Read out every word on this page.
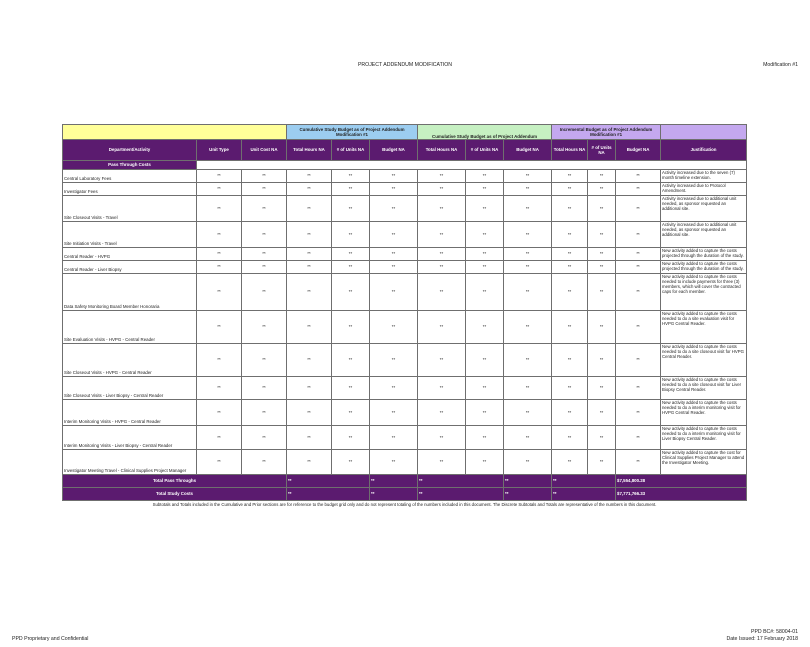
PROJECT ADDENDUM MODIFICATION	Modification #1
			Cumulative Study Budget as of Project Addendum Modification #1			Cumulative Study Budget as of Project Addendum			Incremental Budget as of Project Addendum Modification #1			
Department/Activity	Unit Type	Unit Cost NA	Total Hours NA	# of Units NA	Budget NA	Total Hours NA	# of Units NA	Budget NA	Total Hours NA	# of Units NA	Budget NA	Justification
Pass Through Costs												
Central Laboratory Fees	**	**	**	**	**	**	**	**	**	**	**	Activity increased due to the seven (7) month timeline extension.
Investigator Fees	**	**	**	**	**	**	**	**	**	**	**	Activity increased due to Protocol Amendment.
Site Closeout Visits - Travel	**	**	**	**	**	**	**	**	**	**	**	Activity increased due to additional unit needed, as sponsor requested an additional site.
Site Initiation Visits - Travel	**	**	**	**	**	**	**	**	**	**	**	Activity increased due to additional unit needed, as sponsor requested an additional site.
Central Reader - HVPG	**	**	**	**	**	**	**	**	**	**	**	New activity added to capture the costs projected through the duration of the study.
Central Reader - Liver Biopsy	**	**	**	**	**	**	**	**	**	**	**	New activity added to capture the costs projected through the duration of the study.
Data Safety Monitoring Board Member Honoraria	**	**	**	**	**	**	**	**	**	**	**	New activity added to capture the costs needed to include payments for three (3) members, which will cover the contracted caps for each member.
Site Evaluation Visits - HVPG - Central Reader	**	**	**	**	**	**	**	**	**	**	**	New activity added to capture the costs needed to do a site evaluation visit for HVPG Central Reader.
Site Closeout Visits - HVPG - Central Reader	**	**	**	**	**	**	**	**	**	**	**	New activity added to capture the costs needed to do a site closeout visit for HVPG Central Reader.
Site Closeout Visits - Liver Biopsy - Central Reader	**	**	**	**	**	**	**	**	**	**	**	New activity added to capture the costs needed to do a site closeout visit for Liver Biopsy Central Reader.
Interim Monitoring Visits - HVPG - Central Reader	**	**	**	**	**	**	**	**	**	**	**	New activity added to capture the costs needed to do a interim monitoring visit for HVPG Central Reader.
Interim Monitoring Visits - Liver Biopsy - Central Reader	**	**	**	**	**	**	**	**	**	**	**	New activity added to capture the costs needed to do a interim monitoring visit for Liver Biopsy Central Reader.
Investigator Meeting Travel - Clinical Supplies Project Manager	**	**	**	**	**	**	**	**	**	**	**	New activity added to capture the cost for Clinical Supplies Project Manager to attend the Investigator Meeting.
Total Pass Throughs			**		**	**		**	**		$7,554,800.28	
Total Study Costs			**		**	**		**	**		$7,771,766.33	
Subtotals and Totals included in the Cumulative and Prior sections are for reference to the budget grid only and do not represent totaling of the numbers included in this document. The Discrete Subtotals and Totals are representative of the numbers in this document.												
PPD Proprietary and Confidential
PPD BC#: 58004-01
Date Issued: 17 February 2018
